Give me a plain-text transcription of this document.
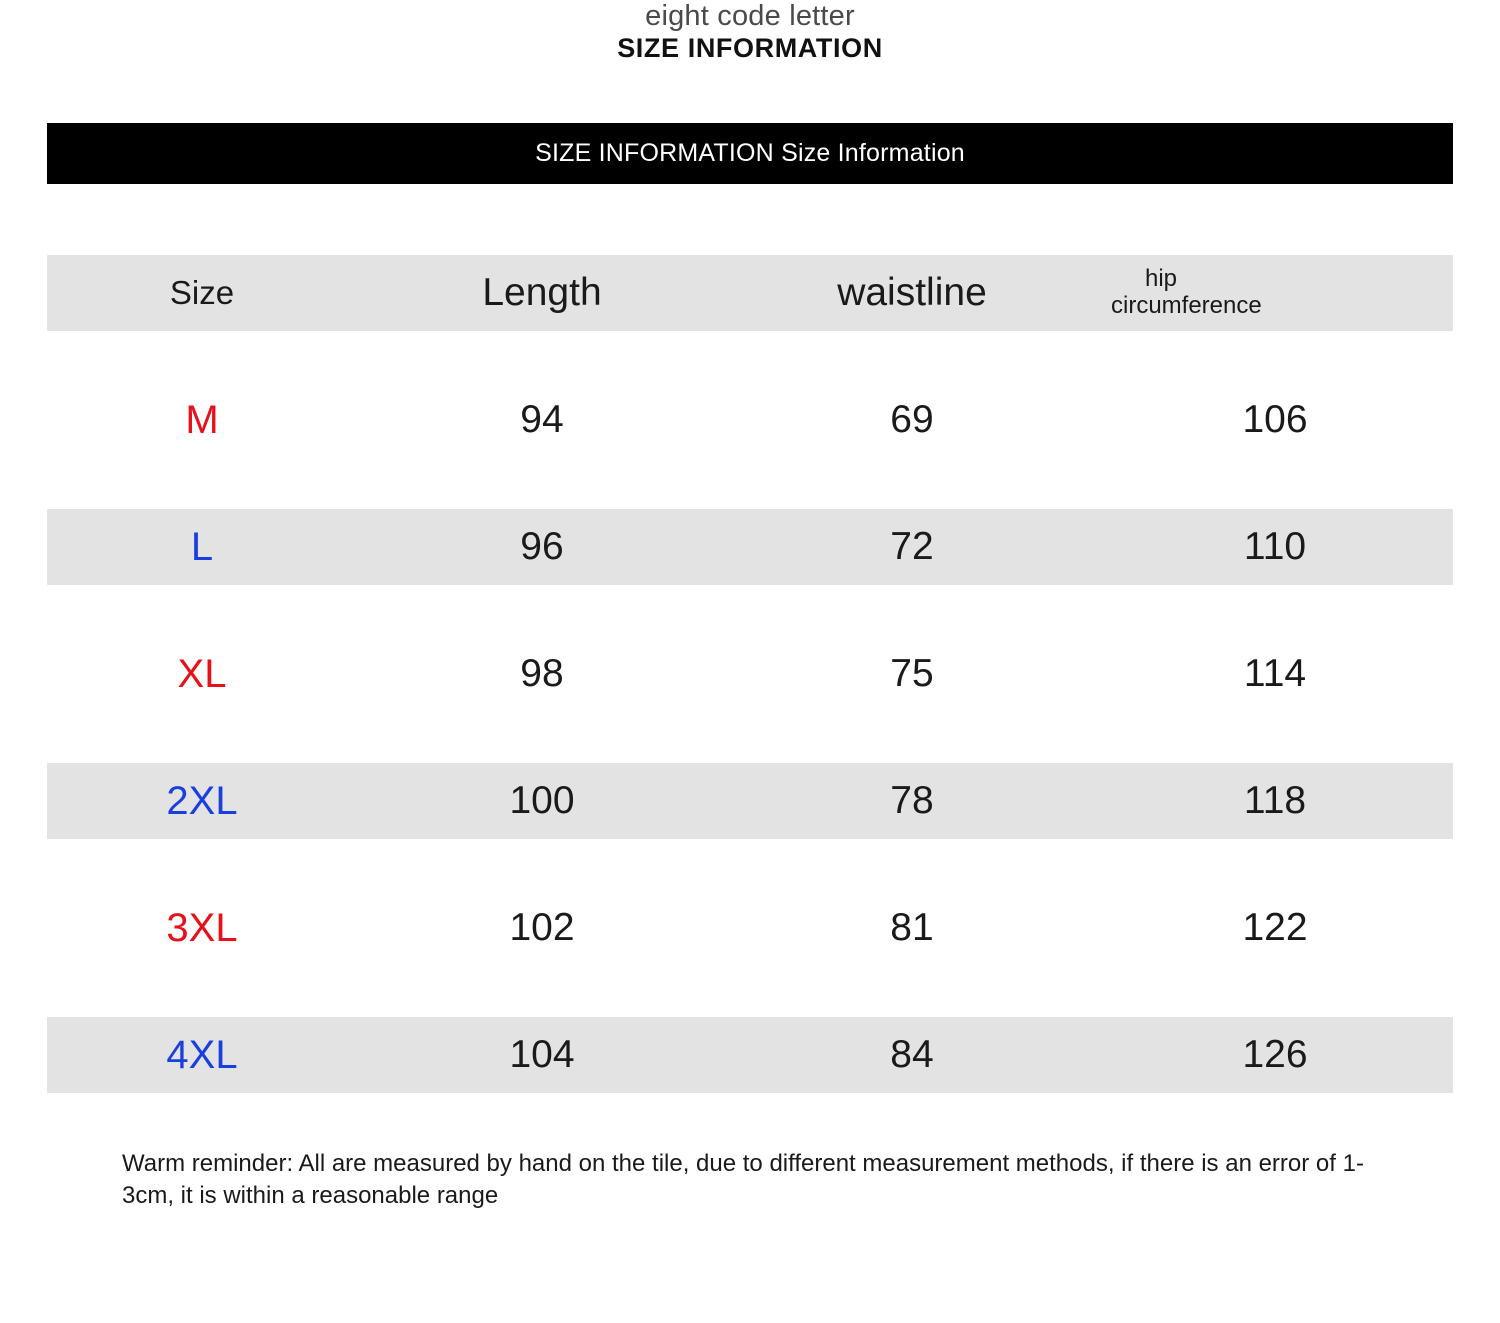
eight code letter
SIZE INFORMATION
SIZE INFORMATION Size Information
Size	Length	waistline	hip
circumference
M	94	69	106
L	96	72	110
XL	98	75	114
2XL	100	78	118
3XL	102	81	122
4XL	104	84	126
Warm reminder: All are measured by hand on the tile, due to different measurement methods, if there is an error of 1-3cm, it is within a reasonable range
